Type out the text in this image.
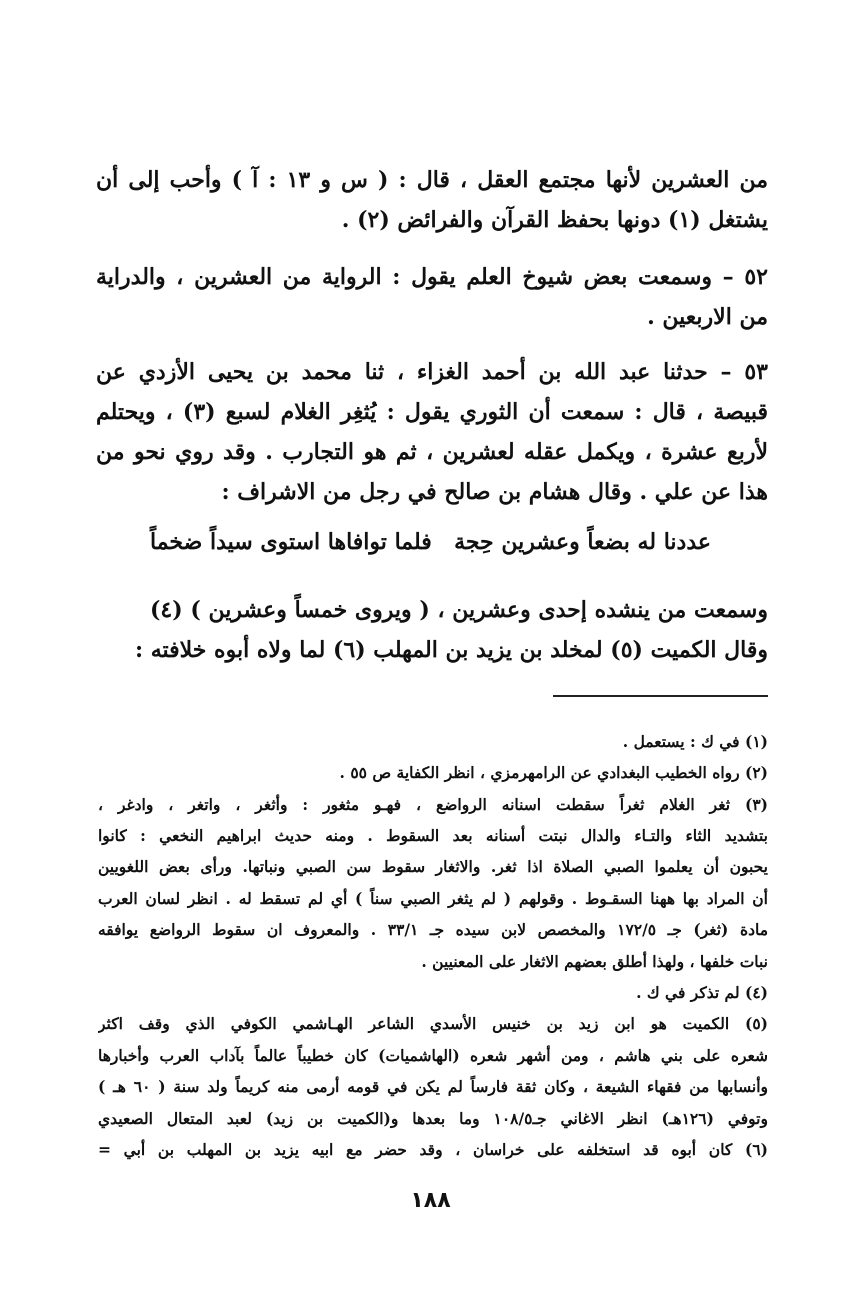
من العشرين لأنها مجتمع العقل ، قال : ( س و ١٣ : آ ) وأحب إلى أن
يشتغل (١) دونها بحفظ القرآن والفرائض (٢) .
٥٢ – وسمعت بعض شيوخ العلم يقول : الرواية من العشرين ، والدراية
من الاربعين .
٥٣ – حدثنا عبد الله بن أحمد الغزاء ، ثنا محمد بن يحيى الأزدي عن
قبيصة ، قال : سمعت أن الثوري يقول : يُثغِر الغلام لسبع (٣) ، ويحتلم
لأربع عشرة ، ويكمل عقله لعشرين ، ثم هو التجارب . وقد روي نحو من
هذا عن علي . وقال هشام بن صالح في رجل من الاشراف :
عددنا له بضعاً وعشرين حِجة
فلما توافاها استوى سيداً ضخماً
وسمعت من ينشده إحدى وعشرين ، ( ويروى خمساً وعشرين ) (٤)
وقال الكميت (٥) لمخلد بن يزيد بن المهلب (٦) لما ولاه أبوه خلافته :
(١) في ك : يستعمل .
(٢) رواه الخطيب البغدادي عن الرامهرمزي ، انظر الكفاية ص ٥٥ .
(٣) ثغر الغلام ثغراً سقطت اسنانه الرواضع ، فهـو مثغور : وأثغر ، واتغر ، وادغر ،
بتشديد الثاء والتـاء والدال نبتت أسنانه بعد السقوط . ومنه حديث ابراهيم النخعي : كانوا
يحبون أن يعلموا الصبي الصلاة اذا ثغر. والاثغار سقوط سن الصبي ونباتها. ورأى بعض اللغويين
أن المراد بها ههنا السقـوط . وقولهم ( لم يثغر الصبي سناً ) أي لم تسقط له . انظر لسان العرب
مادة (ثغر) جـ ١٧٢/٥ والمخصص لابن سيده جـ ٣٣/١ . والمعروف ان سقوط الرواضع يوافقه
نبات خلفها ، ولهذا أطلق بعضهم الاثغار على المعنيين .
(٤) لم تذكر في ك .
(٥) الكميت هو ابن زيد بن خنيس الأسدي الشاعر الهـاشمي الكوفي الذي وقف اكثر
شعره على بني هاشم ، ومن أشهر شعره (الهاشميات) كان خطيباً عالماً بآداب العرب وأخبارها
وأنسابها من فقهاء الشيعة ، وكان ثقة فارساً لم يكن في قومه أرمى منه كريماً ولد سنة ( ٦٠ هـ )
وتوفي (١٢٦هـ) انظر الاغاني جـ١٠٨/٥ وما بعدها و(الكميت بن زيد) لعبد المتعال الصعيدي
(٦) كان أبوه قد استخلفه على خراسان ، وقد حضر مع ابيه يزيد بن المهلب بن أبي =
١٨٨
